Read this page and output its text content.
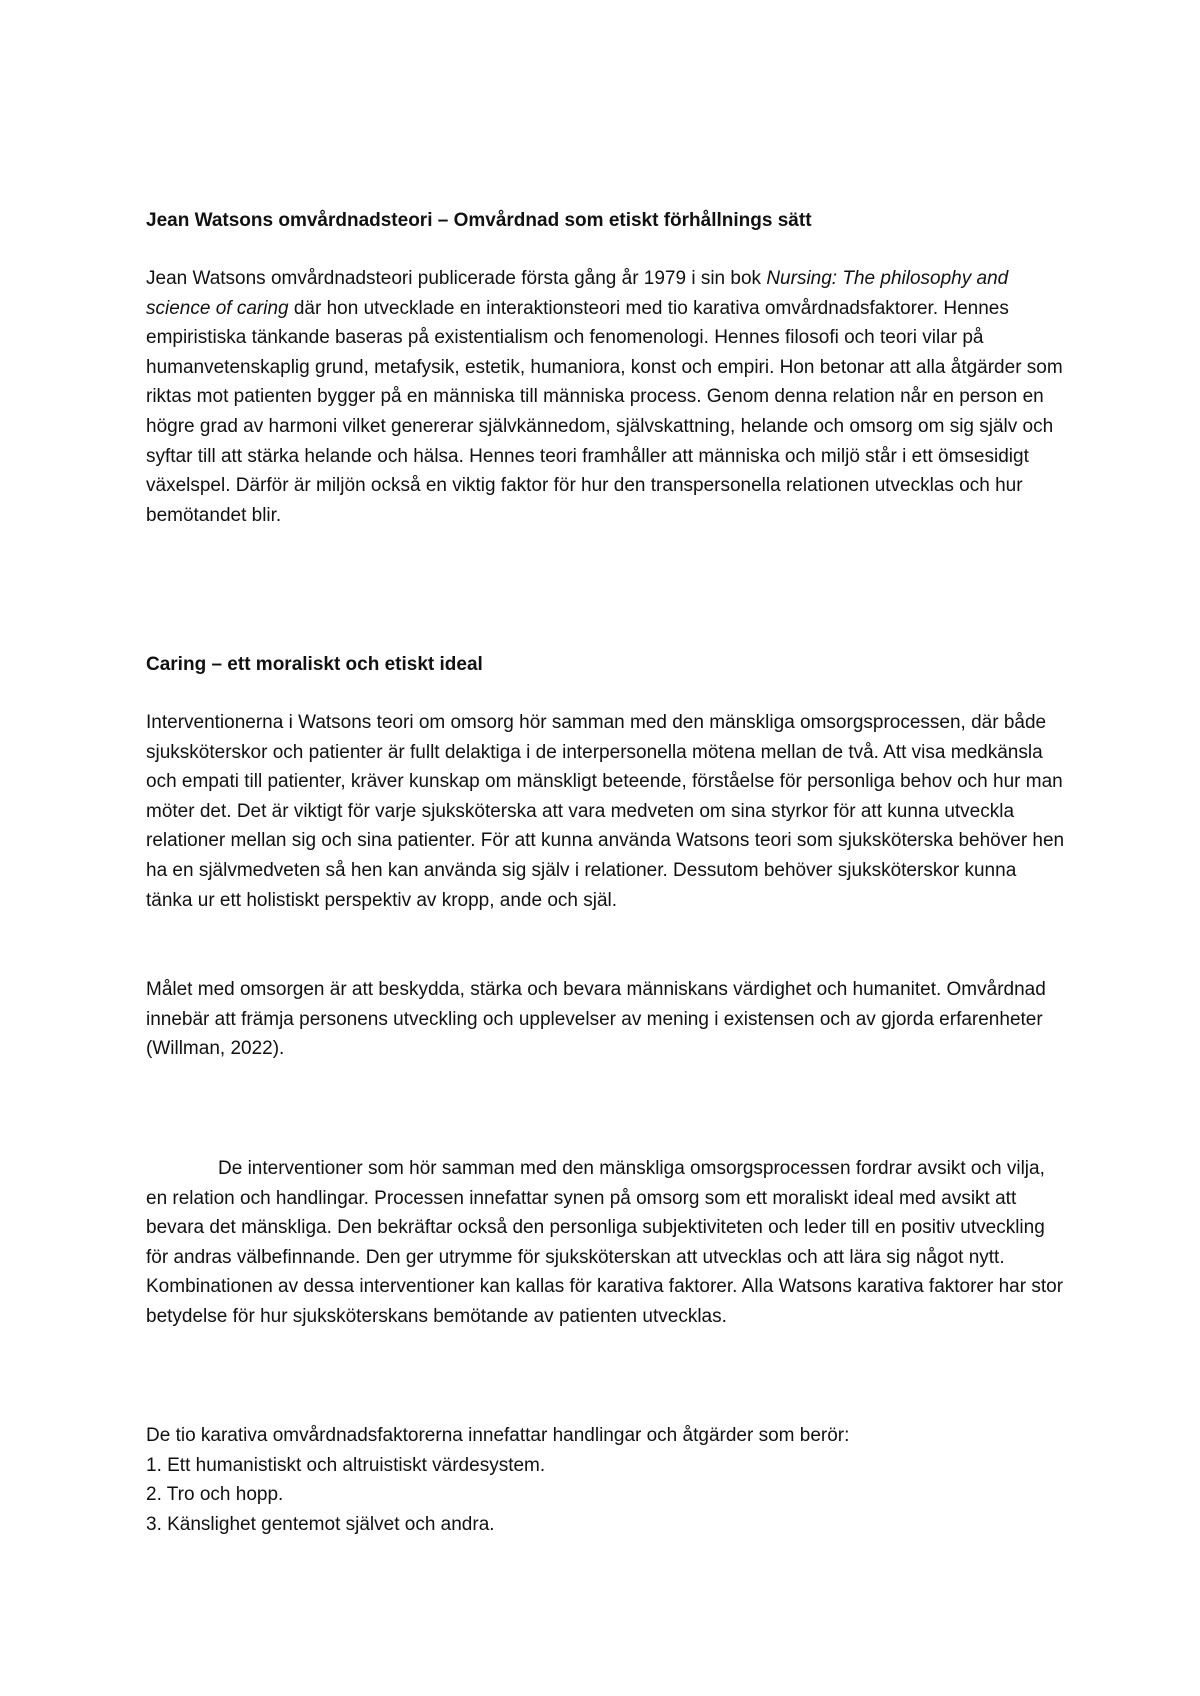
Jean Watsons omvårdnadsteori – Omvårdnad som etiskt förhållnings sätt

Jean Watsons omvårdnadsteori publicerade första gång år 1979 i sin bok Nursing: The philosophy and science of caring där hon utvecklade en interaktionsteori med tio karativa omvårdnadsfaktorer. Hennes empiristiska tänkande baseras på existentialism och fenomenologi. Hennes filosofi och teori vilar på humanvetenskaplig grund, metafysik, estetik, humaniora, konst och empiri. Hon betonar att alla åtgärder som riktas mot patienten bygger på en människa till människa process. Genom denna relation når en person en högre grad av harmoni vilket genererar självkännedom, självskattning, helande och omsorg om sig själv och syftar till att stärka helande och hälsa. Hennes teori framhåller att människa och miljö står i ett ömsesidigt växelspel. Därför är miljön också en viktig faktor för hur den transpersonella relationen utvecklas och hur bemötandet blir.

Caring – ett moraliskt och etiskt ideal

Interventionerna i Watsons teori om omsorg hör samman med den mänskliga omsorgsprocessen, där både sjuksköterskor och patienter är fullt delaktiga i de interpersonella mötena mellan de två. Att visa medkänsla och empati till patienter, kräver kunskap om mänskligt beteende, förståelse för personliga behov och hur man möter det. Det är viktigt för varje sjuksköterska att vara medveten om sina styrkor för att kunna utveckla relationer mellan sig och sina patienter. För att kunna använda Watsons teori som sjuksköterska behöver hen ha en självmedveten så hen kan använda sig själv i relationer. Dessutom behöver sjuksköterskor kunna tänka ur ett holistiskt perspektiv av kropp, ande och själ.

Målet med omsorgen är att beskydda, stärka och bevara människans värdighet och humanitet. Omvårdnad innebär att främja personens utveckling och upplevelser av mening i existensen och av gjorda erfarenheter (Willman, 2022).

De interventioner som hör samman med den mänskliga omsorgsprocessen fordrar avsikt och vilja, en relation och handlingar. Processen innefattar synen på omsorg som ett moraliskt ideal med avsikt att bevara det mänskliga. Den bekräftar också den personliga subjektiviteten och leder till en positiv utveckling för andras välbefinnande. Den ger utrymme för sjuksköterskan att utvecklas och att lära sig något nytt. Kombinationen av dessa interventioner kan kallas för karativa faktorer. Alla Watsons karativa faktorer har stor betydelse för hur sjuksköterskans bemötande av patienten utvecklas.

De tio karativa omvårdnadsfaktorerna innefattar handlingar och åtgärder som berör:

1. Ett humanistiskt och altruistiskt värdesystem.

2. Tro och hopp.

3. Känslighet gentemot självet och andra.
